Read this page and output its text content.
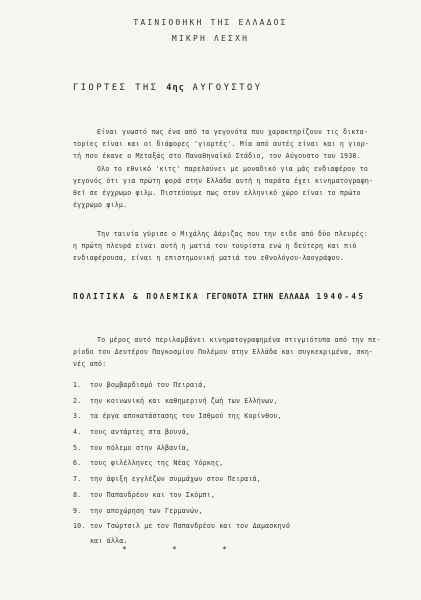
ΤΑΙΝΙΟΘΗΚΗ ΤΗΣ ΕΛΛΑΔΟΣ
ΜΙΚΡΗ ΛΕΣΧΗ
ΓΙΟΡΤΕΣ ΤΗΣ 4ης ΑΥΓΟΥΣΤΟΥ
Είναι γνωστό πως ένα από τα γεγονότα που χαρακτηρίζουν τις δικτα-
τορίες είναι και οι διάφορες 'γιορτές'. Μία από αυτές είναι και η γιορ-
τή που έκανε ο Μεταξάς στο Παναθηναϊκό Στάδιο, τον Αύγουστο του 1938.
Ολο το εθνικό 'κιτς' παρελαύνει με μοναδικό για μάς ενδιαφέρον το
γεγονός ότι για πρώτη φορά στην Ελλάδα αυτή η παράτα έχει κινηματογραφη-
θεί σε έγχρωμο φιλμ. Πιστεύουμε πως στον ελληνικό χώρο είναι το πρώτο
έγχρωμο φιλμ.
Την ταινία γύρισε ο Μιχάλης Δάριζας που την ειδε από δύο πλευρές:
η πρώτη πλευρά είναι αυτή η ματιά του τουρίστα ενώ η δεύτερη και πιό
ενδιαφέρουσα, είναι η επιστημονική ματιά του εθνολόγου-λαογράφου.
ΠΟΛΙΤΙΚΑ & ΠΟΛΕΜΙΚΑ ΓΕΓΟΝΟΤΑ ΣΤΗΝ ΕΛΛΑΔΑ 1940-45
Το μέρος αυτό περιλαμβάνει κινηματογραφημένα στιγμιότυπα από την πε-
ρίοδο του Δευτέρου Παγκοσμίου Πολέμου στην Ελλάδα και συγκεκριμένα, σκη-
νές από:
1.	τον βομβαρδισμό του Πειραιά,
2.	την κοινωνική και καθημερινή ζωή των Ελλήνων,
3.	τα έργα αποκατάστασης του Ισθμού της Κορίνθου,
4.	τους αντάρτες στα βουνά,
5.	τον πόλεμο στην Αλβανία,
6.	τους φιλέλληνες της Νέας Υόρκης,
7.	την άφιξη εγγλέζων συμμάχων στον Πειραιά,
8.	τον Παπανδρέου και τον Σκόμπι,
9.	την αποχώρηση των Γερμανών,
10. τον Τσώρτσιλ με τον Παπανδρέου και τον Δαμασκηνό
και άλλα.
*	*	*
